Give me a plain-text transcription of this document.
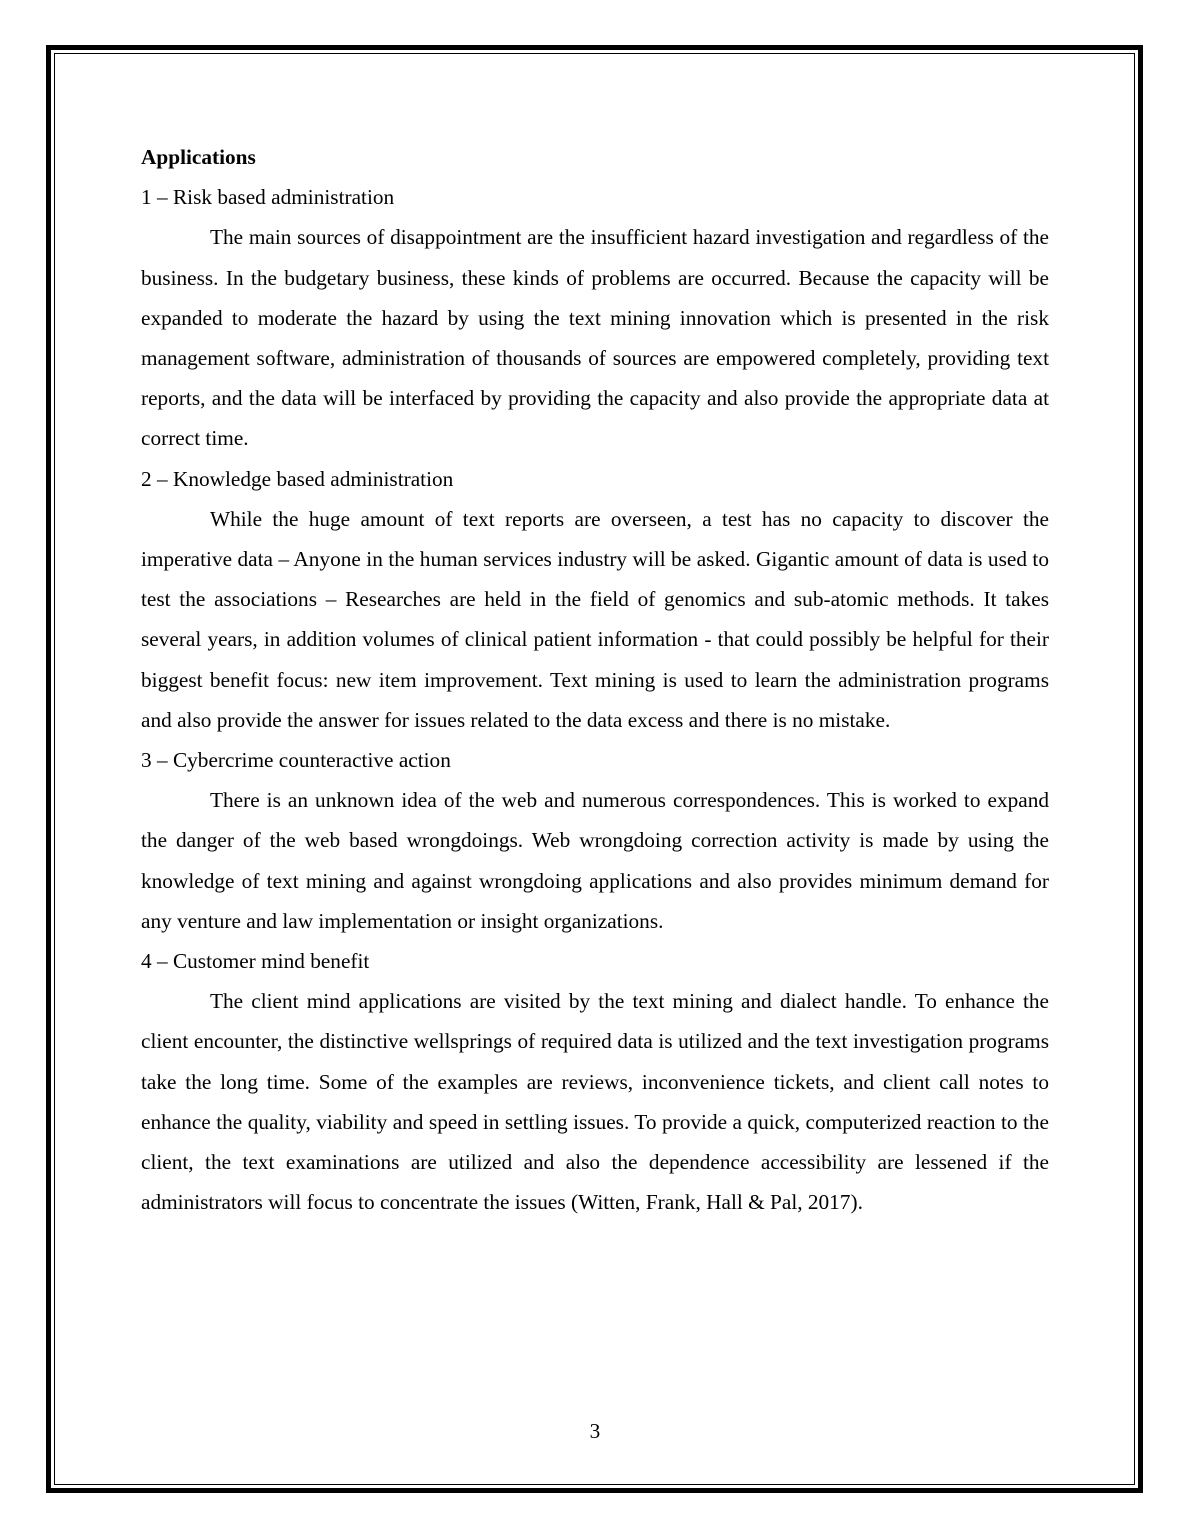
Applications

1 – Risk based administration

The main sources of disappointment are the insufficient hazard investigation and regardless of the business. In the budgetary business, these kinds of problems are occurred. Because the capacity will be expanded to moderate the hazard by using the text mining innovation which is presented in the risk management software, administration of thousands of sources are empowered completely, providing text reports, and the data will be interfaced by providing the capacity and also provide the appropriate data at correct time.

2 – Knowledge based administration

While the huge amount of text reports are overseen, a test has no capacity to discover the imperative data – Anyone in the human services industry will be asked. Gigantic amount of data is used to test the associations – Researches are held in the field of genomics and sub-atomic methods. It takes several years, in addition volumes of clinical patient information - that could possibly be helpful for their biggest benefit focus: new item improvement. Text mining is used to learn the administration programs and also provide the answer for issues related to the data excess and there is no mistake.

3 – Cybercrime counteractive action

There is an unknown idea of the web and numerous correspondences. This is worked to expand the danger of the web based wrongdoings. Web wrongdoing correction activity is made by using the knowledge of text mining and against wrongdoing applications and also provides minimum demand for any venture and law implementation or insight organizations.

4 – Customer mind benefit

The client mind applications are visited by the text mining and dialect handle. To enhance the client encounter, the distinctive wellsprings of required data is utilized and the text investigation programs take the long time. Some of the examples are reviews, inconvenience tickets, and client call notes to enhance the quality, viability and speed in settling issues. To provide a quick, computerized reaction to the client, the text examinations are utilized and also the dependence accessibility are lessened if the administrators will focus to concentrate the issues (Witten, Frank, Hall & Pal, 2017).

3
